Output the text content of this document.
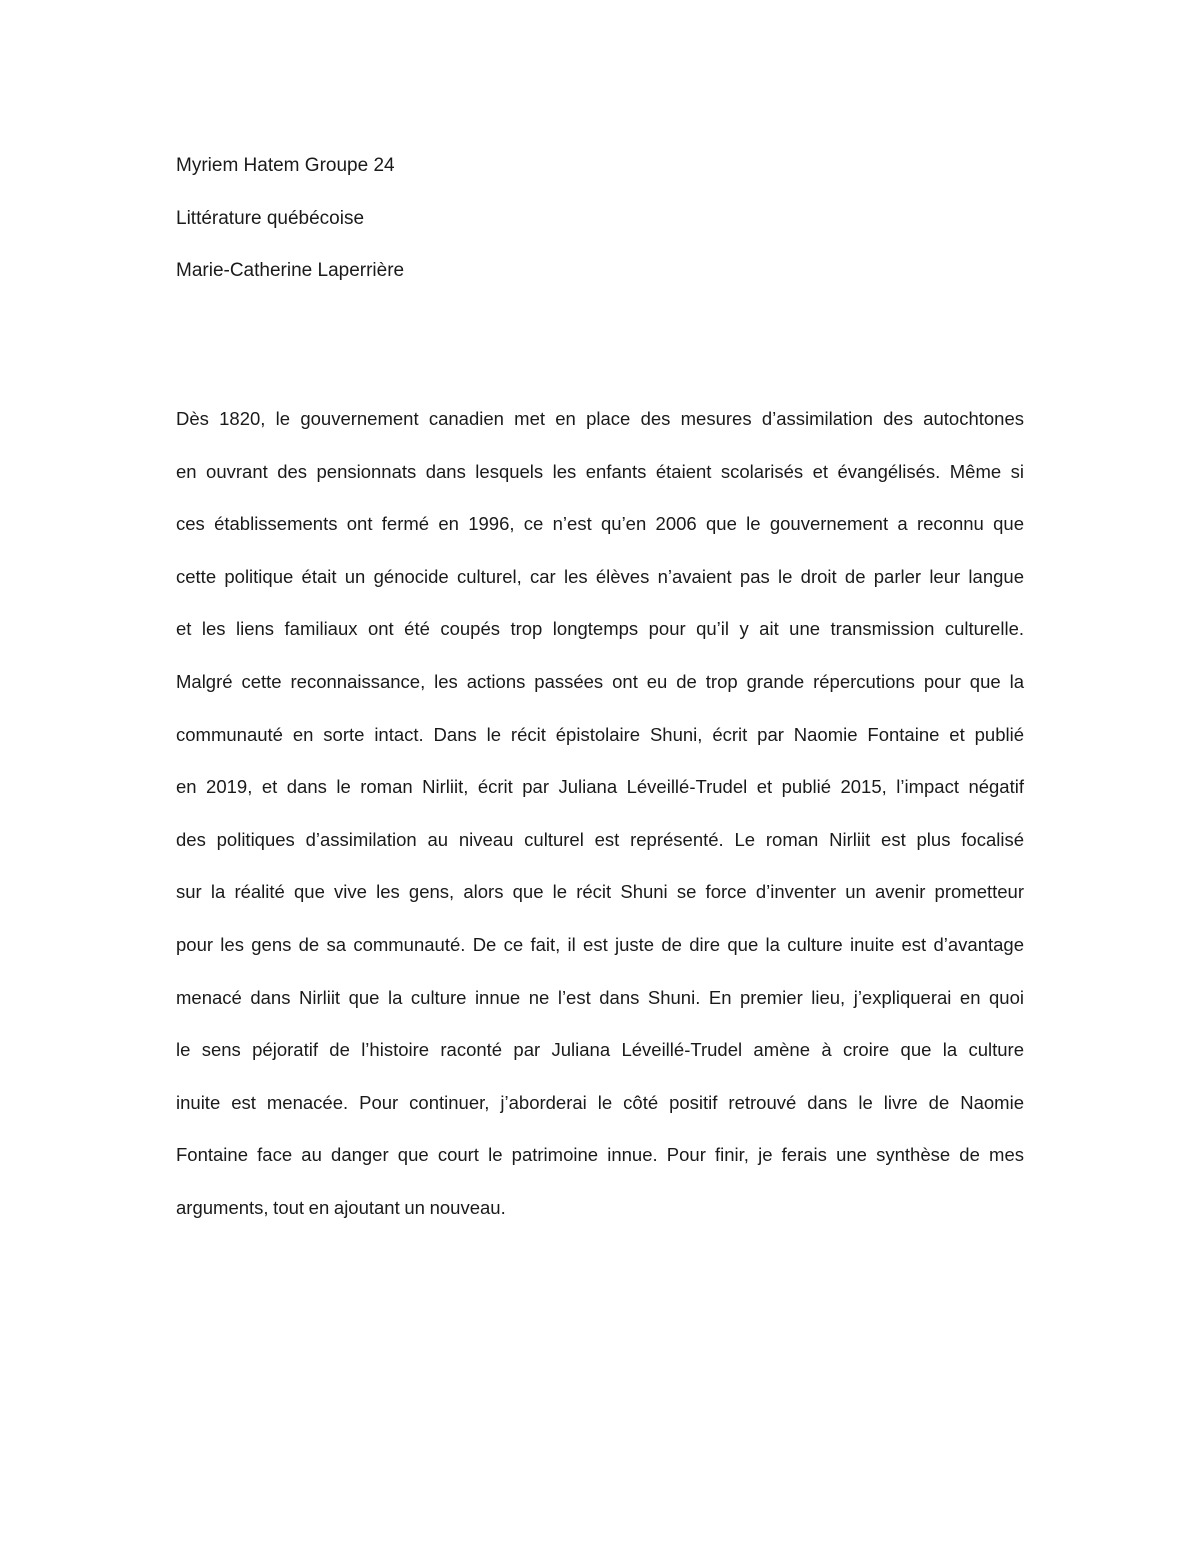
Myriem Hatem Groupe 24
Littérature québécoise
Marie-Catherine Laperrière
Dès 1820, le gouvernement canadien met en place des mesures d’assimilation des autochtones
en ouvrant des pensionnats dans lesquels les enfants étaient scolarisés et évangélisés. Même si
ces établissements ont fermé en 1996, ce n’est qu’en 2006 que le gouvernement a reconnu que
cette politique était un génocide culturel, car les élèves n’avaient pas le droit de parler leur langue
et les liens familiaux ont été coupés trop longtemps pour qu’il y ait une transmission culturelle.
Malgré cette reconnaissance, les actions passées ont eu de trop grande répercutions pour que la
communauté en sorte intact. Dans le récit épistolaire Shuni, écrit par Naomie Fontaine et publié
en 2019, et dans le roman Nirliit, écrit par Juliana Léveillé-Trudel et publié 2015, l’impact négatif
des politiques d’assimilation au niveau culturel est représenté. Le roman Nirliit est plus focalisé
sur la réalité que vive les gens, alors que le récit Shuni se force d’inventer un avenir prometteur
pour les gens de sa communauté. De ce fait, il est juste de dire que la culture inuite est d’avantage
menacé dans Nirliit que la culture innue ne l’est dans Shuni. En premier lieu, j’expliquerai en quoi
le sens péjoratif de l’histoire raconté par Juliana Léveillé-Trudel amène à croire que la culture
inuite est menacée. Pour continuer, j’aborderai le côté positif retrouvé dans le livre de Naomie
Fontaine face au danger que court le patrimoine innue. Pour finir, je ferais une synthèse de mes
arguments, tout en ajoutant un nouveau.
